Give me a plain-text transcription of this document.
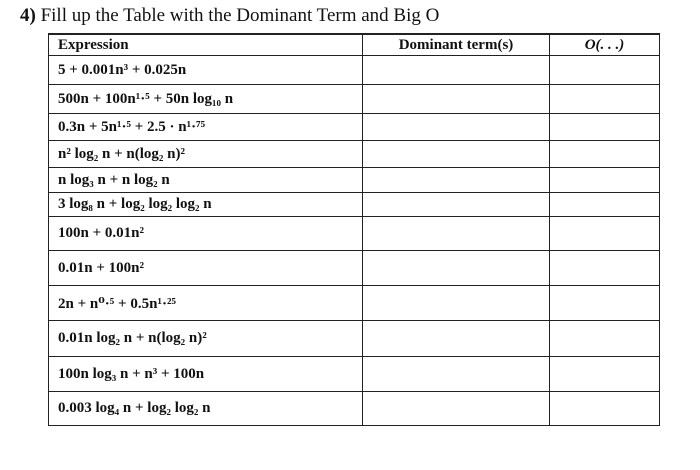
4) Fill up the Table with the Dominant Term and Big O
Expression	Dominant term(s)	O(. . .)
5 + 0.001n³ + 0.025n		
500n + 100n¹·⁵ + 50n log₁₀ n		
0.3n + 5n¹·⁵ + 2.5 · n¹·⁷⁵		
n² log₂ n + n(log₂ n)²		
n log₃ n + n log₂ n		
3 log₈ n + log₂ log₂ log₂ n		
100n + 0.01n²		
0.01n + 100n²		
2n + n⁰·⁵ + 0.5n¹·²⁵		
0.01n log₂ n + n(log₂ n)²		
100n log₃ n + n³ + 100n		
0.003 log₄ n + log₂ log₂ n		
